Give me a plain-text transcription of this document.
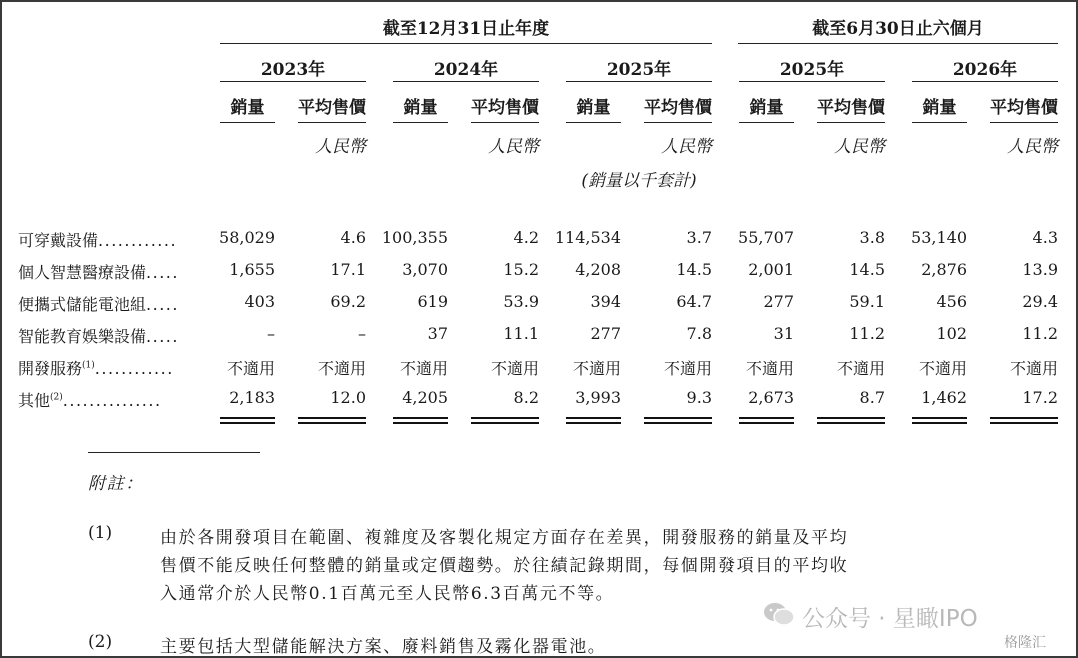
截至12月31日止年度	截至6月30日止六個月
2023年
銷量	平均售價
人民幣
2024年
銷量	平均售價
人民幣
2025年
銷量	平均售價
人民幣
2025年
銷量	平均售價
人民幣
2026年
銷量	平均售價
人民幣
(銷量以千套計)
可穿戴設備............	58,029	4.6 100,355	4.2 114,534	3.7	55,707	3.8	53,140	4.3
個人智慧醫療設備.....	1,655	17.1	3,070	15.2	4,208	14.5	2,001	14.5	2,876	13.9
便攜式儲能電池組.....	403	69.2	619	53.9	394	64.7	277	59.1	456	29.4
智能教育娛樂設備.....	–	–	37	11.1	277	7.8	31	11.2	102	11.2
開發服務$^{(1)}$............	不適用	不適用	不適用	不適用	不適用	不適用	不適用	不適用	不適用	不適用
其他$^{(2)}$...............	2,183	12.0	4,205	8.2	3,993	9.3	2,673	8.7	1,462	17.2
附註：
(1)	由於各開發項目在範圍、複雜度及客製化規定方面存在差異，開發服務的銷量及平均
售價不能反映任何整體的銷量或定價趨勢。於往績記錄期間，每個開發項目的平均收
入通常介於人民幣0.1百萬元至人民幣6.3百萬元不等。
(2)	主要包括大型儲能解決方案、廢料銷售及霧化器電池。
公众号 · 星瞰IPO
格隆汇
